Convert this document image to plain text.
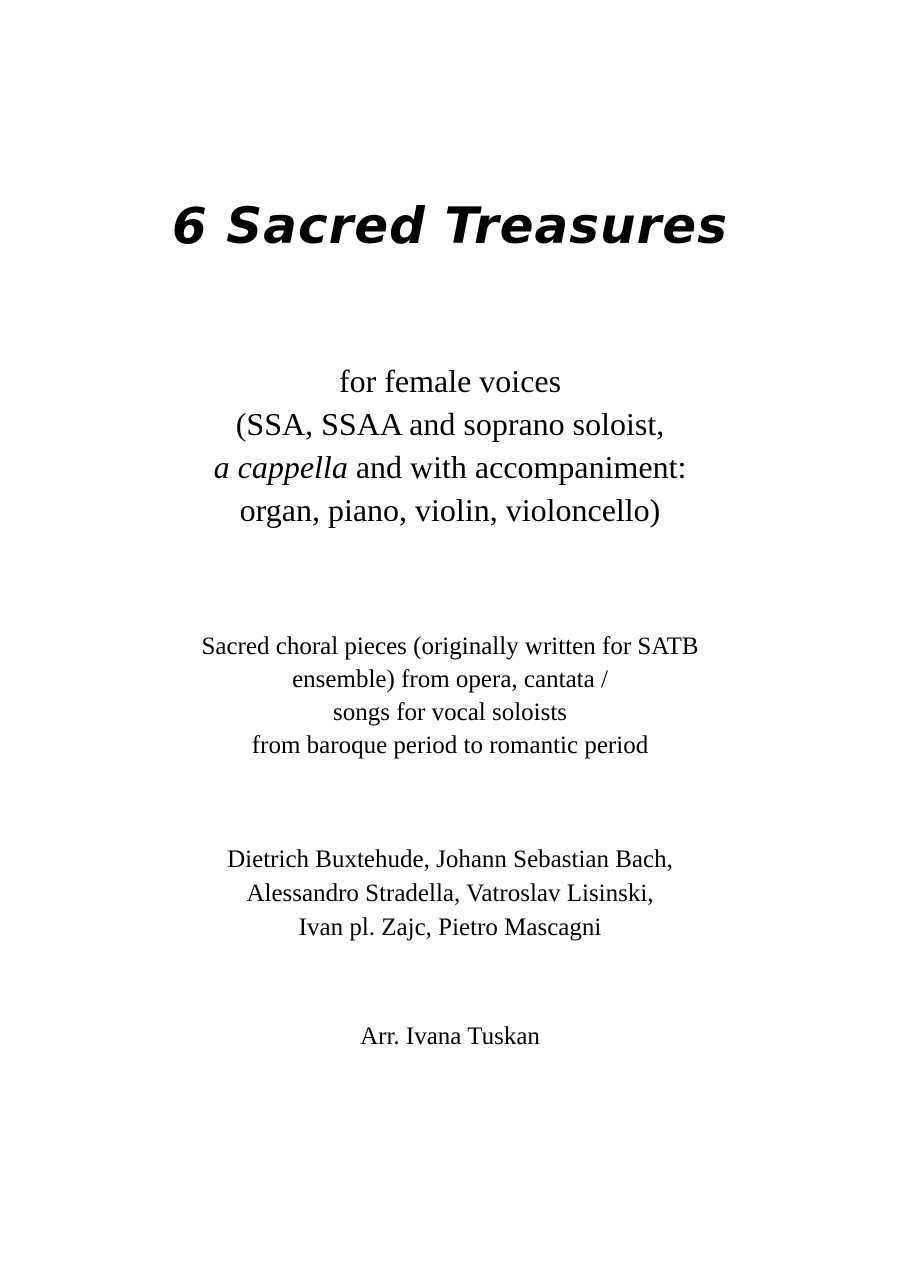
6 Sacred Treasures
for female voices
(SSA, SSAA and soprano soloist,
a cappella and with accompaniment:
organ, piano, violin, violoncello)
Sacred choral pieces (originally written for SATB
ensemble) from opera, cantata /
songs for vocal soloists
from baroque period to romantic period
Dietrich Buxtehude, Johann Sebastian Bach,
Alessandro Stradella, Vatroslav Lisinski,
Ivan pl. Zajc, Pietro Mascagni
Arr. Ivana Tuskan
